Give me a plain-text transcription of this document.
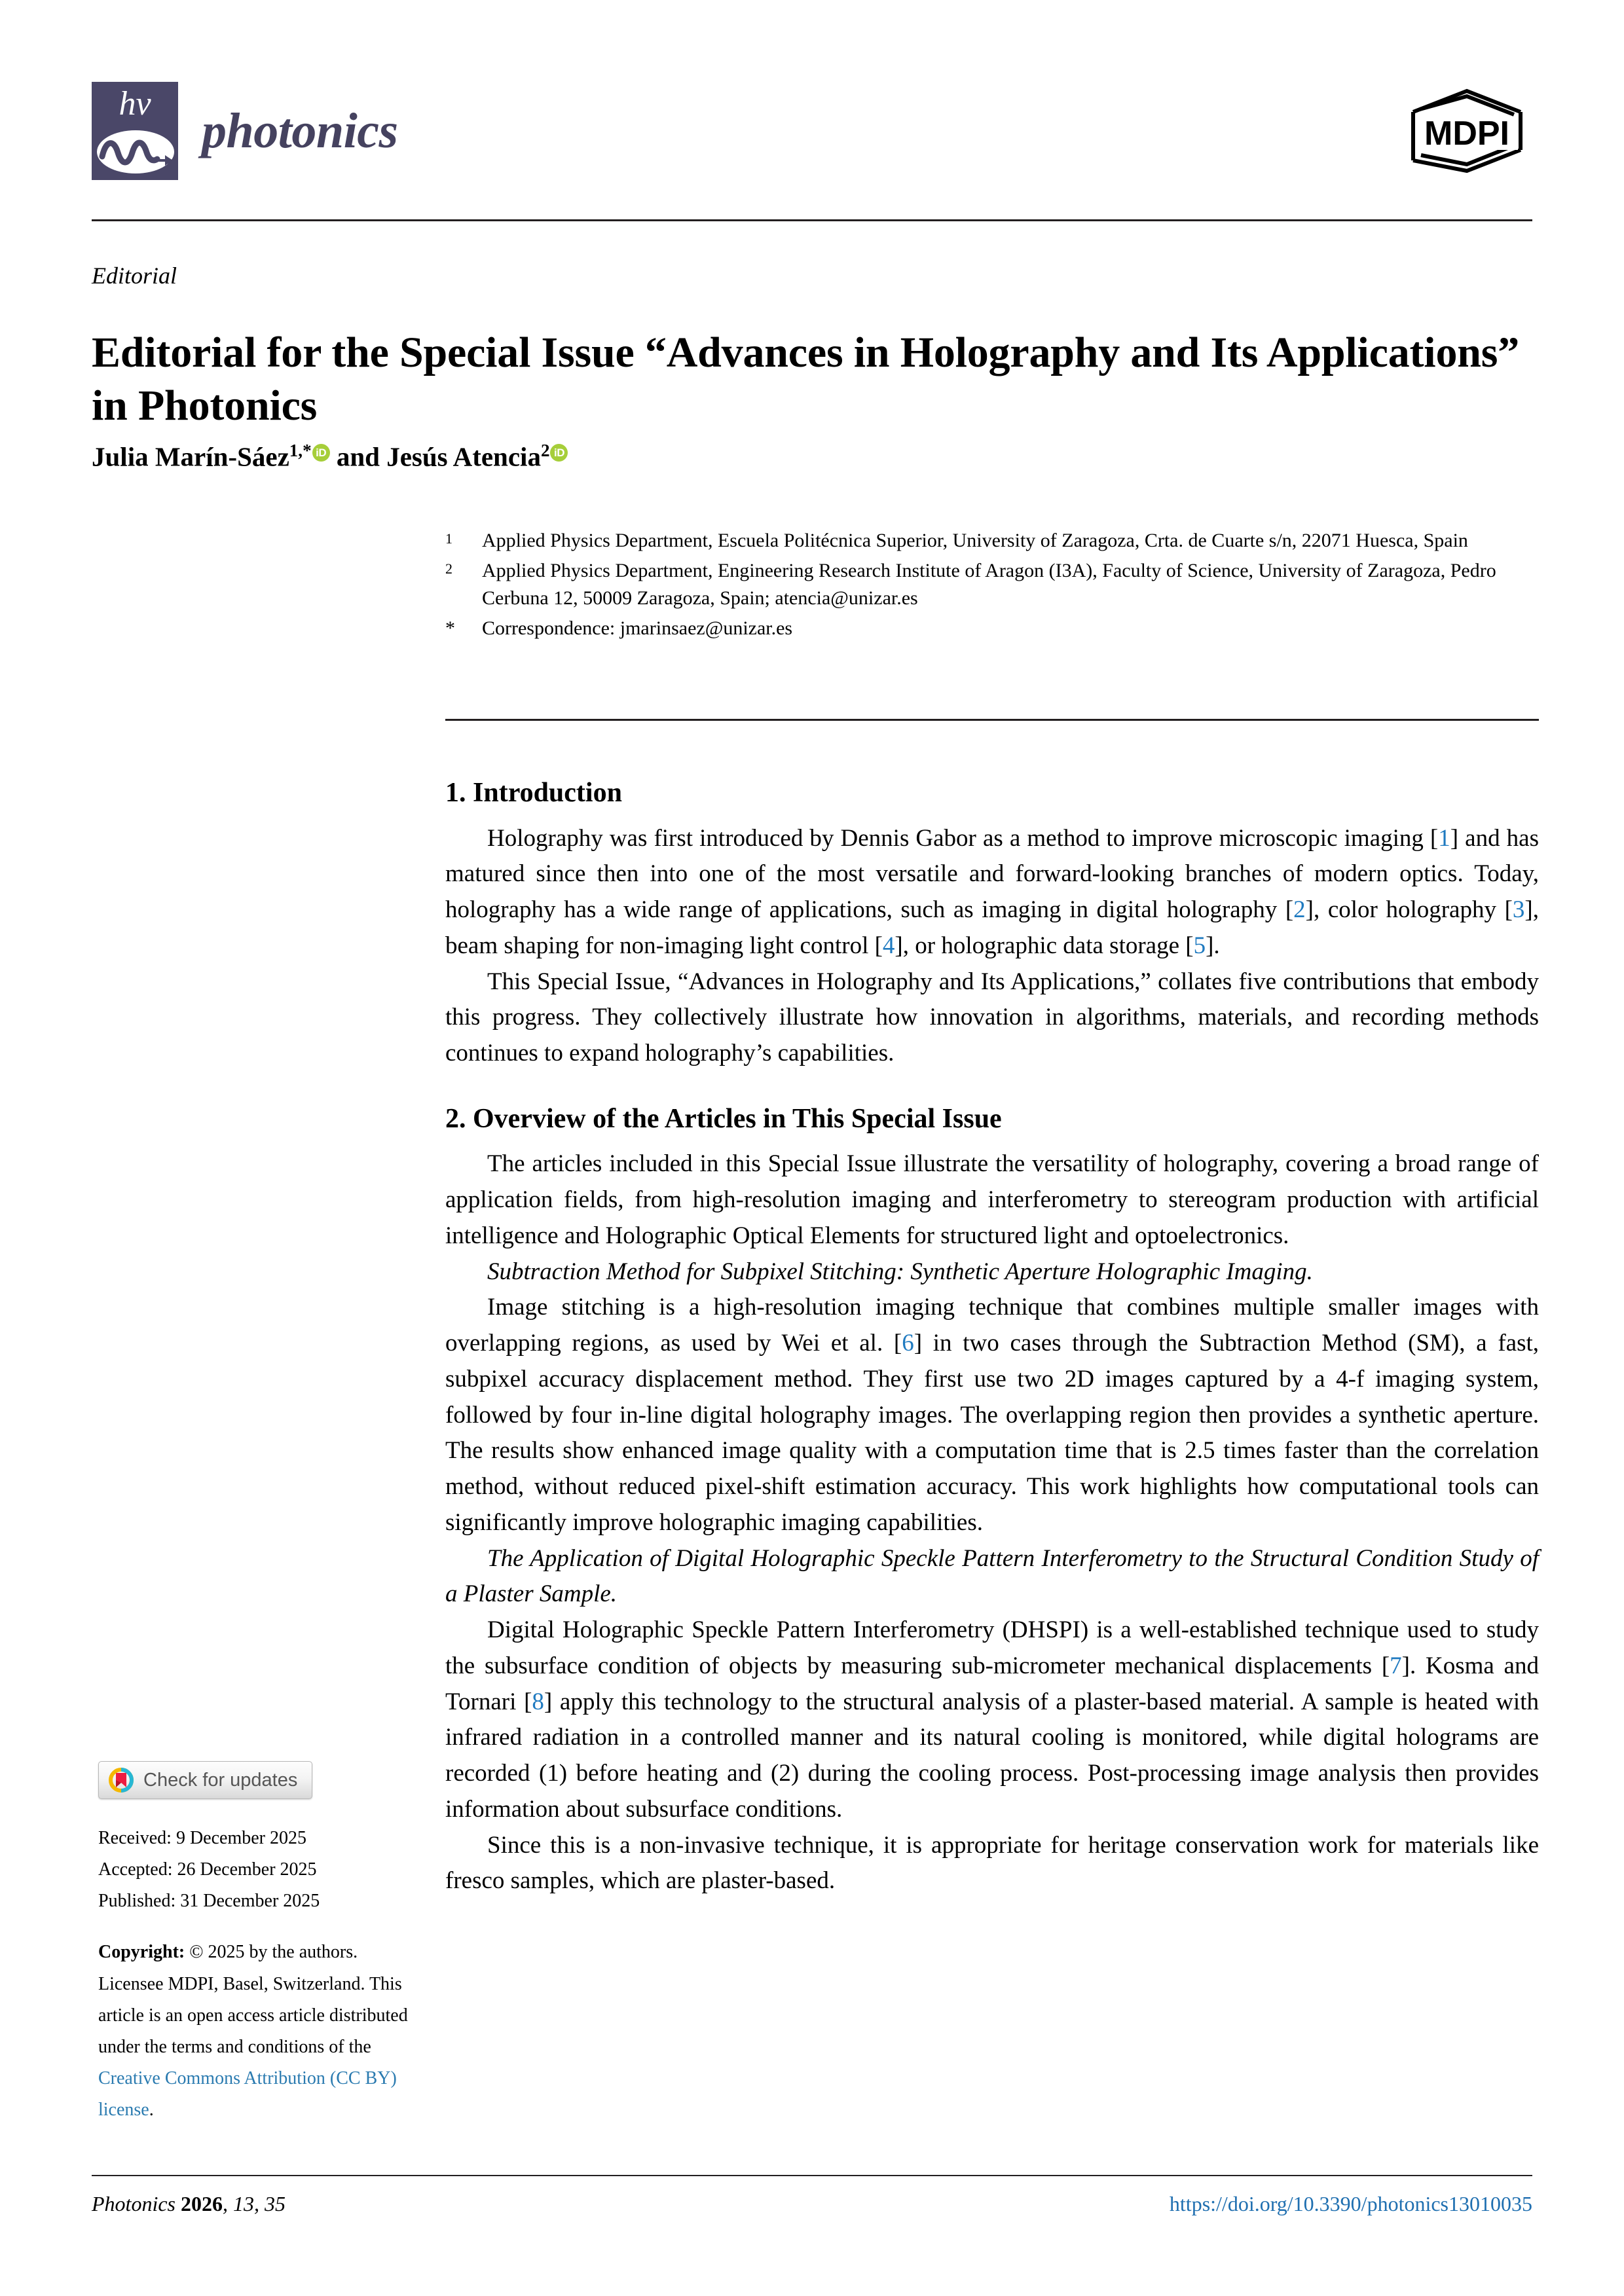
hv	photonics	MDPI
Editorial
Editorial for the Special Issue “Advances in Holography and Its Applications” in Photonics
Julia Marín-Sáez$^{1,*}$ iD and Jesús Atencia$^2$ iD
1	Applied Physics Department, Escuela Politécnica Superior, University of Zaragoza, Crta. de Cuarte s/n, 22071 Huesca, Spain
2	Applied Physics Department, Engineering Research Institute of Aragon (I3A), Faculty of Science, University of Zaragoza, Pedro Cerbuna 12, 50009 Zaragoza, Spain; atencia@unizar.es
*	Correspondence: jmarinsaez@unizar.es
1. Introduction

Holography was first introduced by Dennis Gabor as a method to improve microscopic imaging [1] and has matured since then into one of the most versatile and forward-looking branches of modern optics. Today, holography has a wide range of applications, such as imaging in digital holography [2], color holography [3], beam shaping for non-imaging light control [4], or holographic data storage [5].

This Special Issue, “Advances in Holography and Its Applications,” collates five contributions that embody this progress. They collectively illustrate how innovation in algorithms, materials, and recording methods continues to expand holography’s capabilities.

2. Overview of the Articles in This Special Issue

The articles included in this Special Issue illustrate the versatility of holography, covering a broad range of application fields, from high-resolution imaging and interferometry to stereogram production with artificial intelligence and Holographic Optical Elements for structured light and optoelectronics.

Subtraction Method for Subpixel Stitching: Synthetic Aperture Holographic Imaging.

Image stitching is a high-resolution imaging technique that combines multiple smaller images with overlapping regions, as used by Wei et al. [6] in two cases through the Subtraction Method (SM), a fast, subpixel accuracy displacement method. They first use two 2D images captured by a 4-f imaging system, followed by four in-line digital holography images. The overlapping region then provides a synthetic aperture. The results show enhanced image quality with a computation time that is 2.5 times faster than the correlation method, without reduced pixel-shift estimation accuracy. This work highlights how computational tools can significantly improve holographic imaging capabilities.

The Application of Digital Holographic Speckle Pattern Interferometry to the Structural Condition Study of a Plaster Sample.

Digital Holographic Speckle Pattern Interferometry (DHSPI) is a well-established technique used to study the subsurface condition of objects by measuring sub-micrometer mechanical displacements [7]. Kosma and Tornari [8] apply this technology to the structural analysis of a plaster-based material. A sample is heated with infrared radiation in a controlled manner and its natural cooling is monitored, while digital holograms are recorded (1) before heating and (2) during the cooling process. Post-processing image analysis then provides information about subsurface conditions.

Since this is a non-invasive technique, it is appropriate for heritage conservation work for materials like fresco samples, which are plaster-based.

Check for updates
Received: 9 December 2025
Accepted: 26 December 2025
Published: 31 December 2025
Copyright: © 2025 by the authors. Licensee MDPI, Basel, Switzerland. This article is an open access article distributed under the terms and conditions of the Creative Commons Attribution (CC BY) license.
Photonics 2026, 13, 35	https://doi.org/10.3390/photonics13010035
